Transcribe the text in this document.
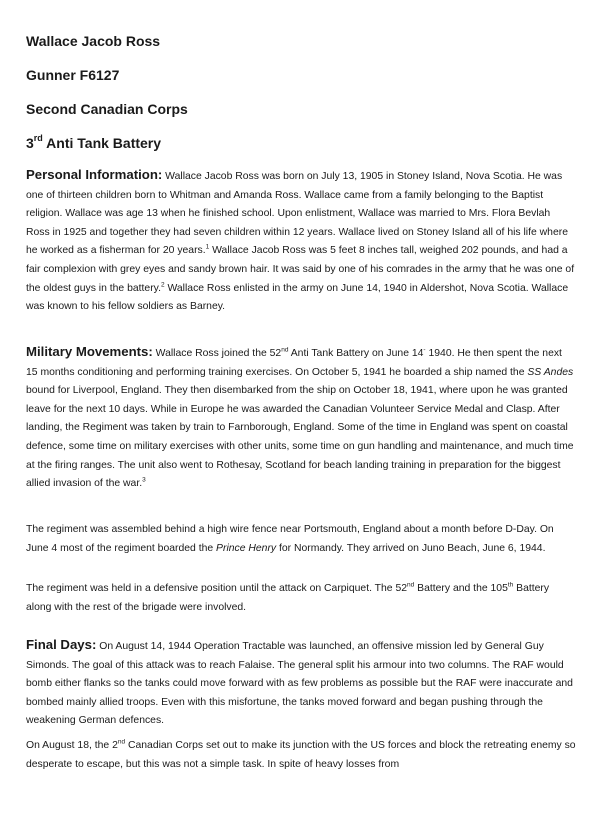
Wallace Jacob Ross

Gunner F6127

Second Canadian Corps

3rd Anti Tank Battery

Personal Information: Wallace Jacob Ross was born on July 13, 1905 in Stoney Island, Nova Scotia. He was one of thirteen children born to Whitman and Amanda Ross. Wallace came from a family belonging to the Baptist religion. Wallace was age 13 when he finished school. Upon enlistment, Wallace was married to Mrs. Flora Bevlah Ross in 1925 and together they had seven children within 12 years. Wallace lived on Stoney Island all of his life where he worked as a fisherman for 20 years.$^1$ Wallace Jacob Ross was 5 feet 8 inches tall, weighed 202 pounds, and had a fair complexion with grey eyes and sandy brown hair. It was said by one of his comrades in the army that he was one of the oldest guys in the battery.$^2$ Wallace Ross enlisted in the army on June 14, 1940 in Aldershot, Nova Scotia. Wallace was known to his fellow soldiers as Barney.

Military Movements: Wallace Ross joined the 52nd Anti Tank Battery on June 14- 1940. He then spent the next 15 months conditioning and performing training exercises. On October 5, 1941 he boarded a ship named the SS Andes bound for Liverpool, England. They then disembarked from the ship on October 18, 1941, where upon he was granted leave for the next 10 days. While in Europe he was awarded the Canadian Volunteer Service Medal and Clasp. After landing, the Regiment was taken by train to Farnborough, England. Some of the time in England was spent on coastal defence, some time on military exercises with other units, some time on gun handling and maintenance, and much time at the firing ranges. The unit also went to Rothesay, Scotland for beach landing training in preparation for the biggest allied invasion of the war.$^3$

The regiment was assembled behind a high wire fence near Portsmouth, England about a month before D-Day. On June 4 most of the regiment boarded the Prince Henry for Normandy. They arrived on Juno Beach, June 6, 1944.

The regiment was held in a defensive position until the attack on Carpiquet. The 52nd Battery and the 105th Battery along with the rest of the brigade were involved.

Final Days: On August 14, 1944 Operation Tractable was launched, an offensive mission led by General Guy Simonds. The goal of this attack was to reach Falaise. The general split his armour into two columns. The RAF would bomb either flanks so the tanks could move forward with as few problems as possible but the RAF were inaccurate and bombed mainly allied troops. Even with this misfortune, the tanks moved forward and began pushing through the weakening German defences.

On August 18, the 2nd Canadian Corps set out to make its junction with the US forces and block the retreating enemy so desperate to escape, but this was not a simple task. In spite of heavy losses from
